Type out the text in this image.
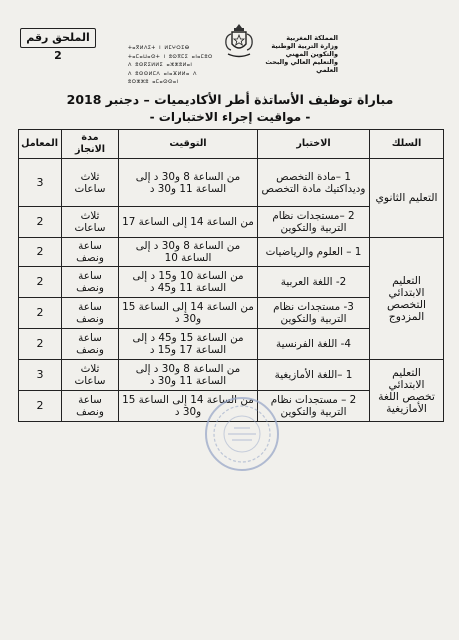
الملحق رقم 2
المملكة المغربية
وزارة التربية الوطنية
والتكوين المهني
والتعليم العالي والبحث العلمي
ⵜⴰⴳⵍⴷⵉⵜ ⵏ ⵍⵎⵖⵔⵉⴱ
ⵜⴰⵎⴰⵡⴰⵙⵜ ⵏ ⵓⵙⴳⵎⵉ ⴰⵏⴰⵎⵓⵔ
ⴷ ⵓⵙⴽⵉⵍⵍⵉ ⴰⵣⵣⵓⵍⴰⵏ
ⴷ ⵓⵙⵙⵍⵎⴷ ⴰⵏⴰⴼⵍⵍⴰ ⴷ ⵓⵔⵣⵣⵓ ⴰⵎⴰⵙⵙⴰⵏ
مباراة توظيف الأساتذة أطر الأكاديميات – دجنبر 2018
- مواقيت إجراء الاختبارات -
السلك	الاختبار	التوقيت	مدة الانجاز	المعامل
التعليم الثانوي	1 –مادة التخصص وديداكتيك مادة التخصص	من الساعة 8 و30 د إلى الساعة 11 و30 د	ثلاث ساعات	3
	2 –مستجدات نظام التربية والتكوين	من الساعة 14 إلى الساعة 17	ثلاث ساعات	2
التعليم الابتدائي التخصص المزدوج	1 – العلوم والرياضيات	من الساعة 8 و30 د إلى الساعة 10	ساعة ونصف	2
	2- اللغة العربية	من الساعة 10 و15 د إلى الساعة 11 و45 د	ساعة ونصف	2
	3- مستجدات نظام التربية والتكوين	من الساعة 14 إلى الساعة 15 و30 د	ساعة ونصف	2
	4- اللغة الفرنسية	من الساعة 15 و45 د إلى الساعة 17 و15 د	ساعة ونصف	2
التعليم الابتدائي تخصص اللغة الأمازيغية	1 –اللغة الأمازيغية	من الساعة 8 و30 د إلى الساعة 11 و30 د	ثلاث ساعات	3
	2 – مستجدات نظام التربية والتكوين	من الساعة 14 إلى الساعة 15 و30 د	ساعة ونصف	2
